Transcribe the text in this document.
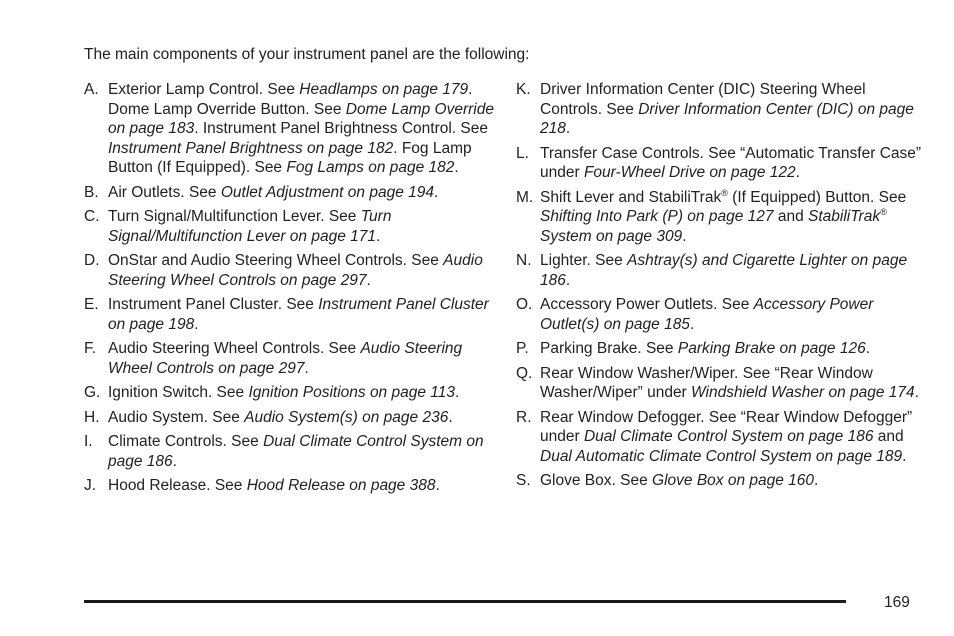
The main components of your instrument panel are the following:
A. Exterior Lamp Control. See Headlamps on page 179. Dome Lamp Override Button. See Dome Lamp Override on page 183. Instrument Panel Brightness Control. See Instrument Panel Brightness on page 182. Fog Lamp Button (If Equipped). See Fog Lamps on page 182.
B. Air Outlets. See Outlet Adjustment on page 194.
C. Turn Signal/Multifunction Lever. See Turn Signal/Multifunction Lever on page 171.
D. OnStar and Audio Steering Wheel Controls. See Audio Steering Wheel Controls on page 297.
E. Instrument Panel Cluster. See Instrument Panel Cluster on page 198.
F. Audio Steering Wheel Controls. See Audio Steering Wheel Controls on page 297.
G. Ignition Switch. See Ignition Positions on page 113.
H. Audio System. See Audio System(s) on page 236.
I. Climate Controls. See Dual Climate Control System on page 186.
J. Hood Release. See Hood Release on page 388.
K. Driver Information Center (DIC) Steering Wheel Controls. See Driver Information Center (DIC) on page 218.
L. Transfer Case Controls. See “Automatic Transfer Case” under Four-Wheel Drive on page 122.
M. Shift Lever and StabiliTrak® (If Equipped) Button. See Shifting Into Park (P) on page 127 and StabiliTrak® System on page 309.
N. Lighter. See Ashtray(s) and Cigarette Lighter on page 186.
O. Accessory Power Outlets. See Accessory Power Outlet(s) on page 185.
P. Parking Brake. See Parking Brake on page 126.
Q. Rear Window Washer/Wiper. See “Rear Window Washer/Wiper” under Windshield Washer on page 174.
R. Rear Window Defogger. See “Rear Window Defogger” under Dual Climate Control System on page 186 and Dual Automatic Climate Control System on page 189.
S. Glove Box. See Glove Box on page 160.
169
